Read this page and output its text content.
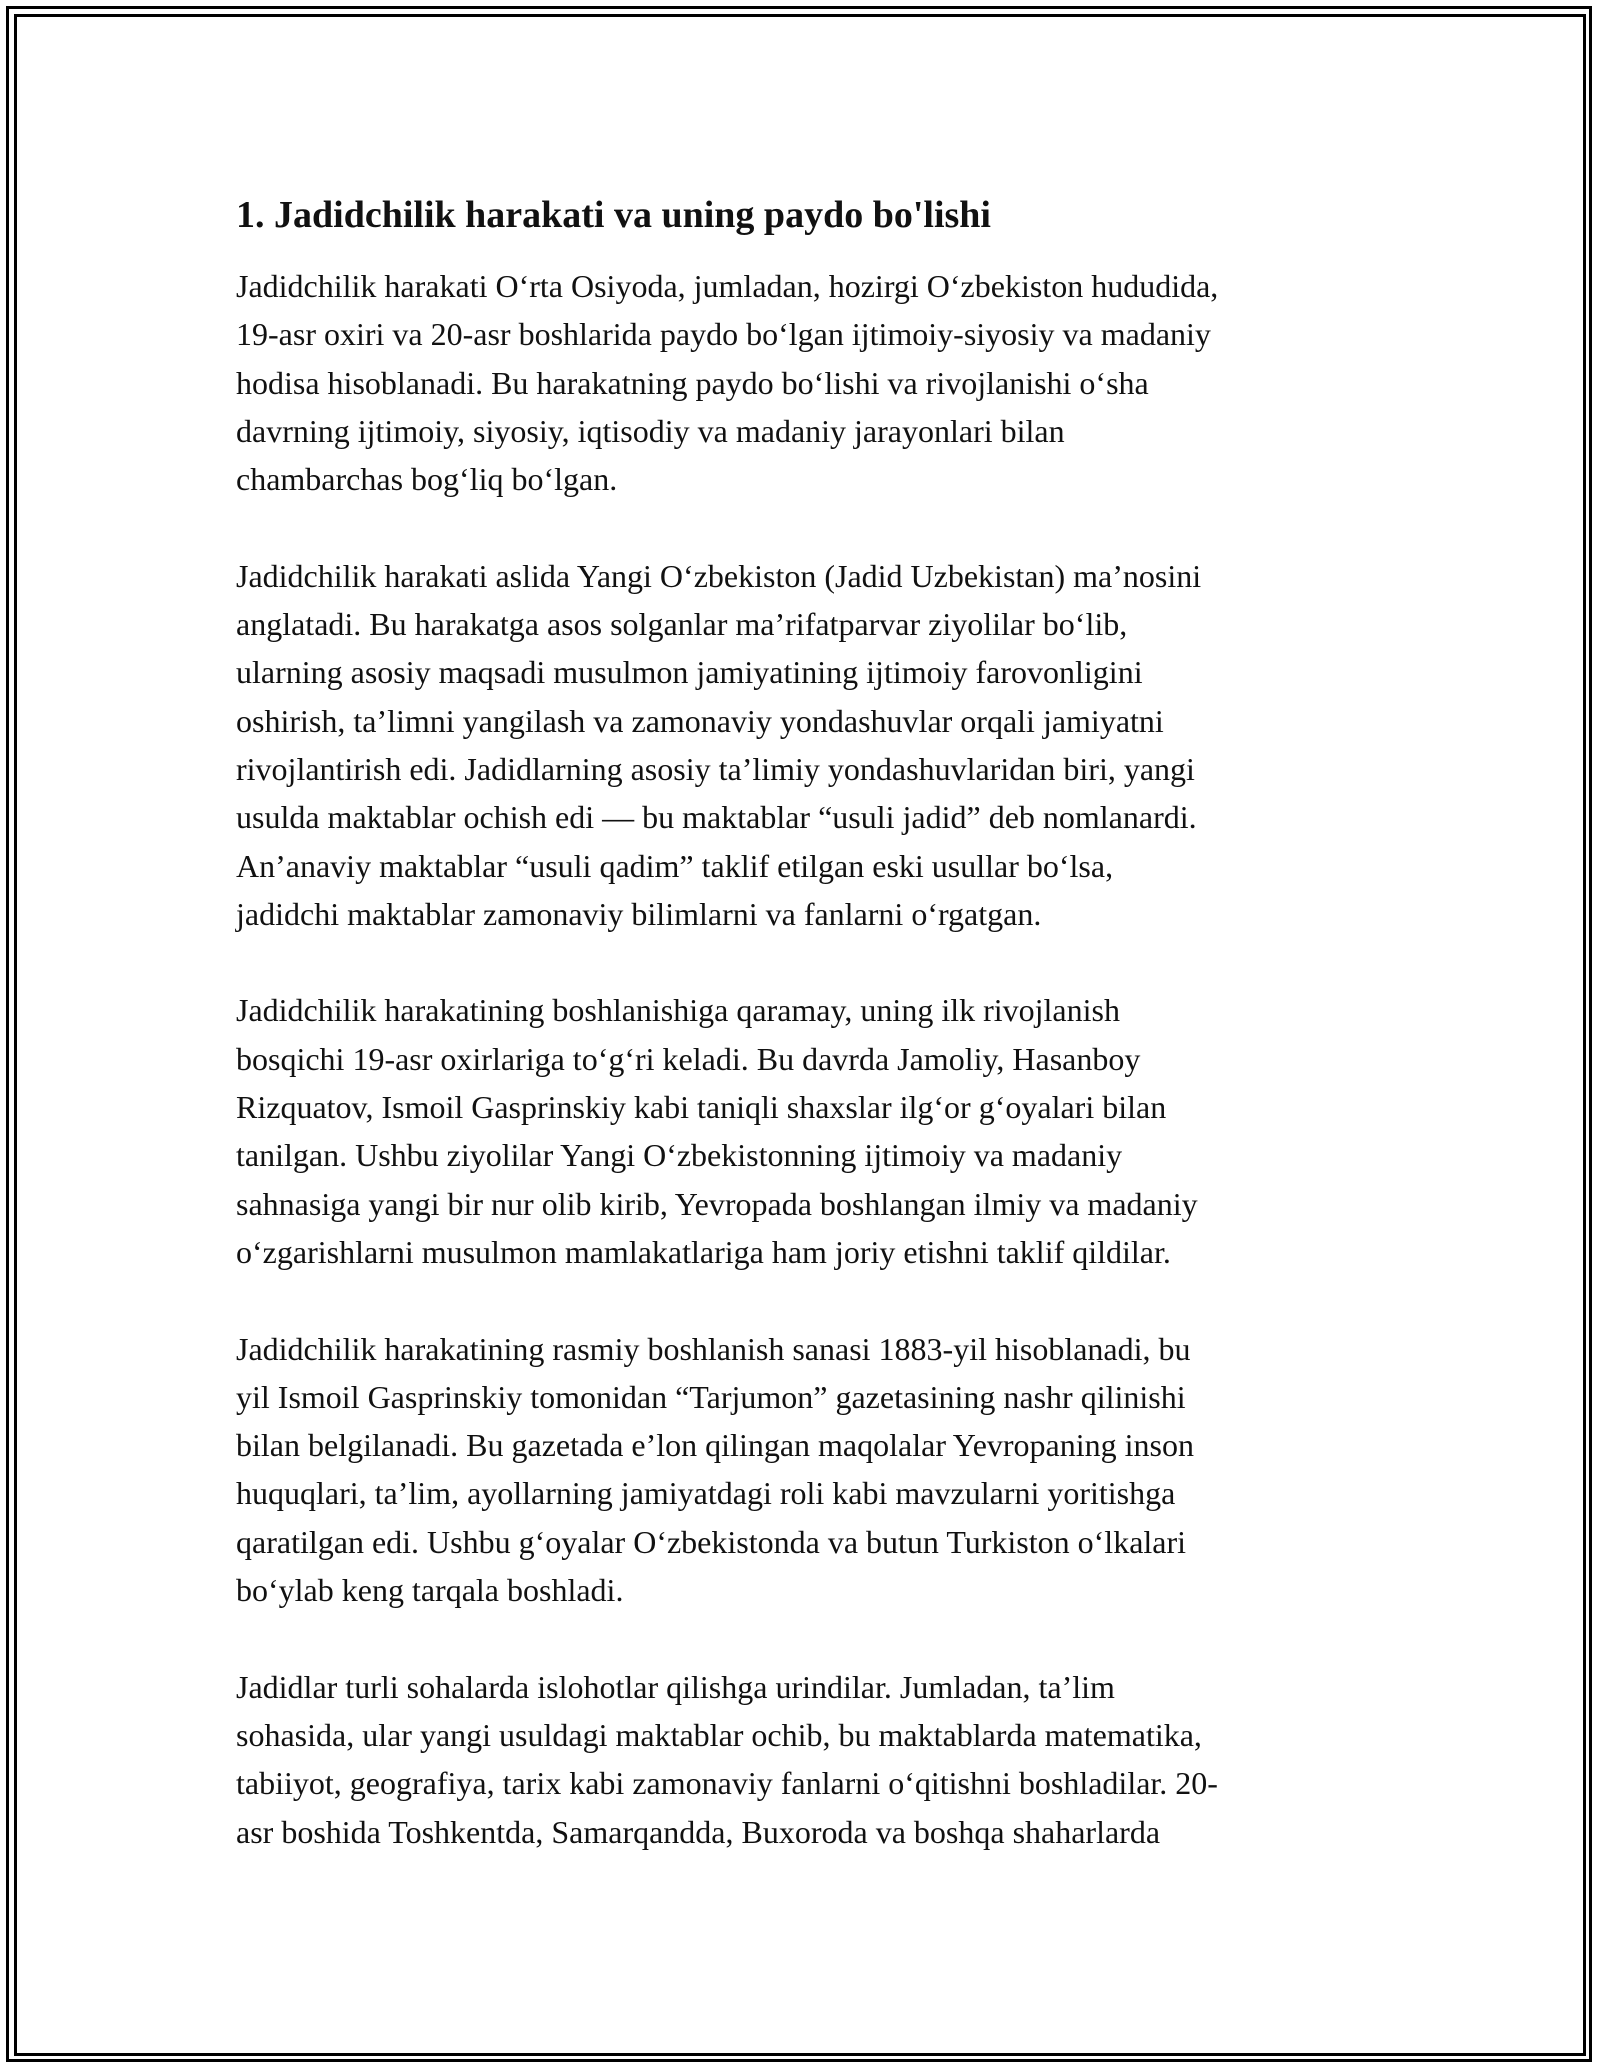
1. Jadidchilik harakati va uning paydo bo'lishi
Jadidchilik harakati O‘rta Osiyoda, jumladan, hozirgi O‘zbekiston hududida,
19-asr oxiri va 20-asr boshlarida paydo bo‘lgan ijtimoiy-siyosiy va madaniy
hodisa hisoblanadi. Bu harakatning paydo bo‘lishi va rivojlanishi o‘sha
davrning ijtimoiy, siyosiy, iqtisodiy va madaniy jarayonlari bilan
chambarchas bog‘liq bo‘lgan.
Jadidchilik harakati aslida Yangi O‘zbekiston (Jadid Uzbekistan) ma’nosini
anglatadi. Bu harakatga asos solganlar ma’rifatparvar ziyolilar bo‘lib,
ularning asosiy maqsadi musulmon jamiyatining ijtimoiy farovonligini
oshirish, ta’limni yangilash va zamonaviy yondashuvlar orqali jamiyatni
rivojlantirish edi. Jadidlarning asosiy ta’limiy yondashuvlaridan biri, yangi
usulda maktablar ochish edi — bu maktablar “usuli jadid” deb nomlanardi.
An’anaviy maktablar “usuli qadim” taklif etilgan eski usullar bo‘lsa,
jadidchi maktablar zamonaviy bilimlarni va fanlarni o‘rgatgan.
Jadidchilik harakatining boshlanishiga qaramay, uning ilk rivojlanish
bosqichi 19-asr oxirlariga to‘g‘ri keladi. Bu davrda Jamoliy, Hasanboy
Rizquatov, Ismoil Gasprinskiy kabi taniqli shaxslar ilg‘or g‘oyalari bilan
tanilgan. Ushbu ziyolilar Yangi O‘zbekistonning ijtimoiy va madaniy
sahnasiga yangi bir nur olib kirib, Yevropada boshlangan ilmiy va madaniy
o‘zgarishlarni musulmon mamlakatlariga ham joriy etishni taklif qildilar.
Jadidchilik harakatining rasmiy boshlanish sanasi 1883-yil hisoblanadi, bu
yil Ismoil Gasprinskiy tomonidan “Tarjumon” gazetasining nashr qilinishi
bilan belgilanadi. Bu gazetada e’lon qilingan maqolalar Yevropaning inson
huquqlari, ta’lim, ayollarning jamiyatdagi roli kabi mavzularni yoritishga
qaratilgan edi. Ushbu g‘oyalar O‘zbekistonda va butun Turkiston o‘lkalari
bo‘ylab keng tarqala boshladi.
Jadidlar turli sohalarda islohotlar qilishga urindilar. Jumladan, ta’lim
sohasida, ular yangi usuldagi maktablar ochib, bu maktablarda matematika,
tabiiyot, geografiya, tarix kabi zamonaviy fanlarni o‘qitishni boshladilar. 20-
asr boshida Toshkentda, Samarqandda, Buxoroda va boshqa shaharlarda
